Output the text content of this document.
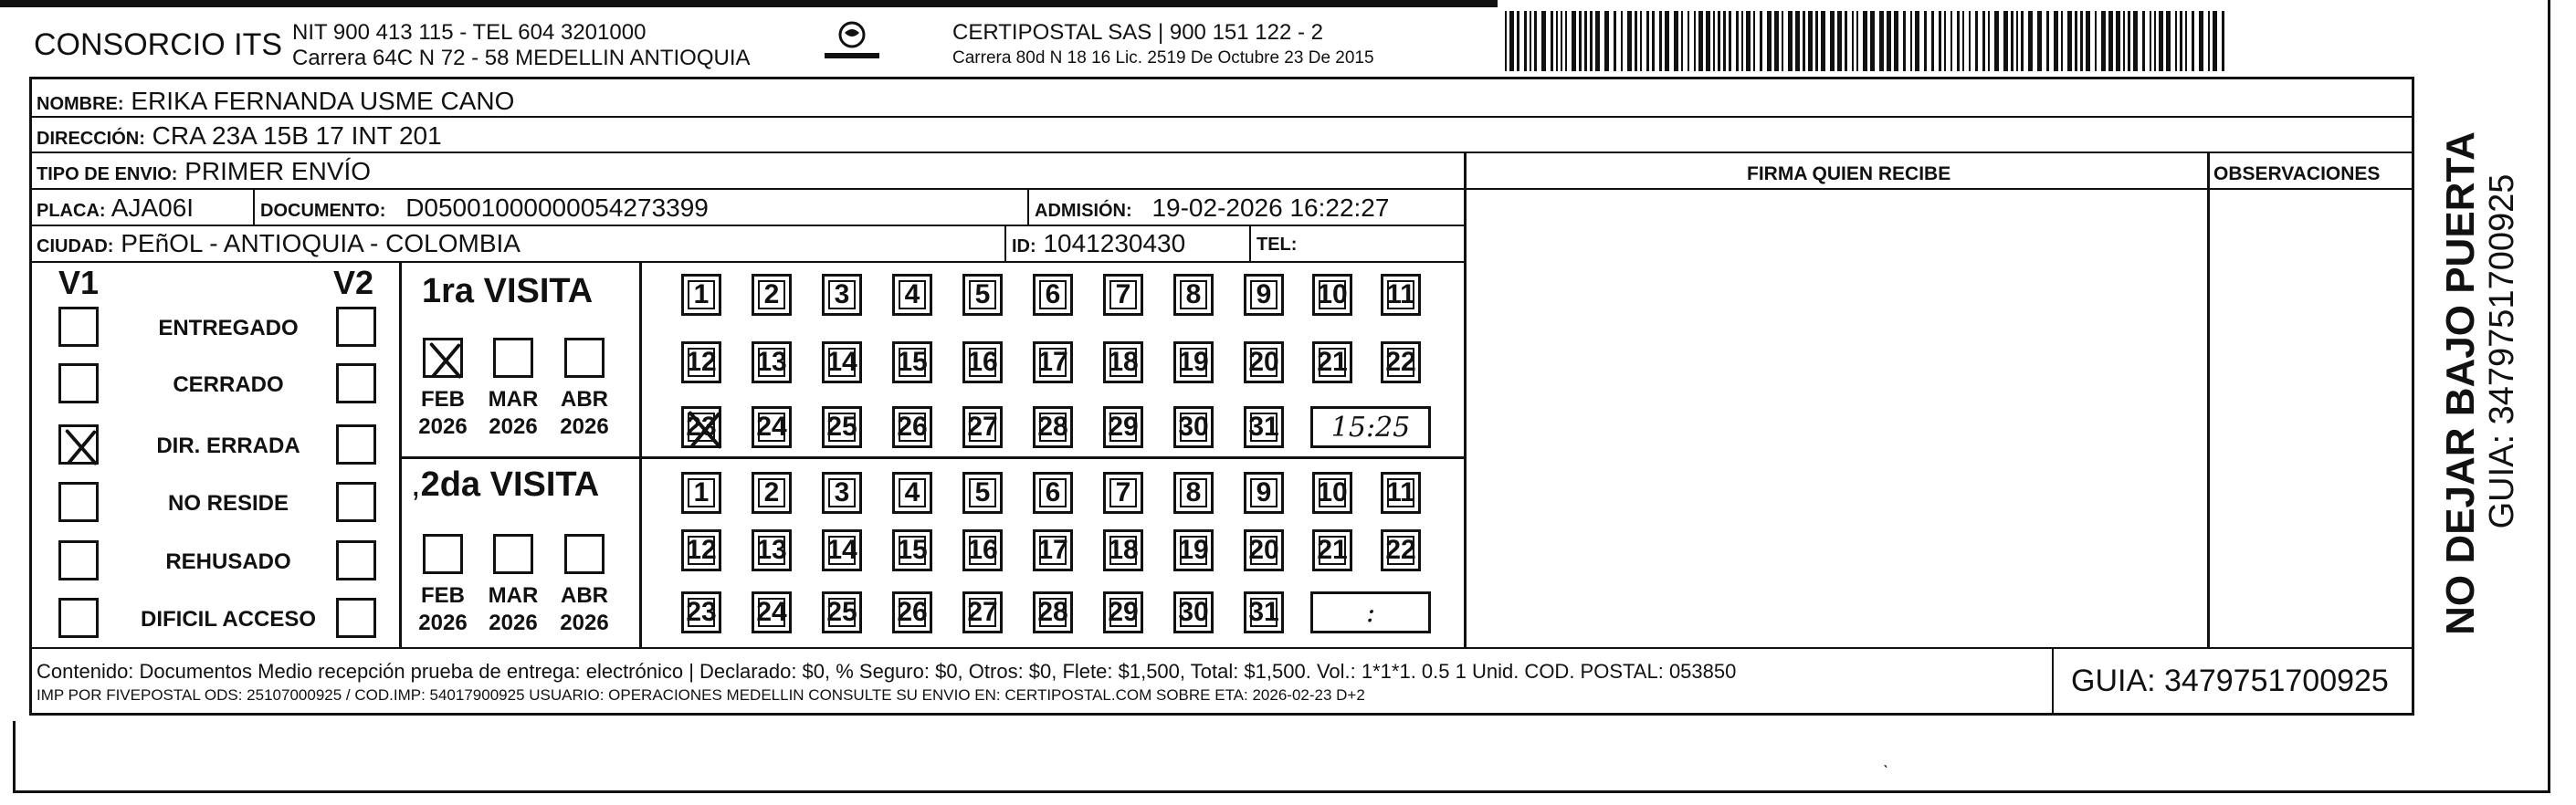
CONSORCIO ITS NIT 900 413 115 - TEL 604 3201000
Carrera 64C N 72 - 58 MEDELLIN ANTIOQUIA
CERTIPOSTAL SAS | 900 151 122 - 2
Carrera 80d N 18 16 Lic. 2519 De Octubre 23 De 2015
NOMBRE: ERIKA FERNANDA USME CANO
DIRECCIÓN: CRA 23A 15B 17 INT 201
TIPO DE ENVIO: PRIMER ENVÍO	FIRMA QUIEN RECIBE	OBSERVACIONES
PLACA: AJA06I	DOCUMENTO: D05001000000054273399	ADMISIÓN: 19-02-2026 16:22:27
CIUDAD: PEñOL - ANTIOQUIA - COLOMBIA	ID: 1041230430	TEL:
V1	V2
ENTREGADO
CERRADO
DIR. ERRADA
NO RESIDE
REHUSADO
DIFICIL ACCESO
1ra VISITA
FEB
2026
MAR
2026
ABR
2026
1 2 3 4 5 6 7 8 9 10 11
12 13 14 15 16 17 18 19 20 21 22
23 24 25 26 27 28 29 30 31 15:25
,2da VISITA
FEB
2026
MAR
2026
ABR
2026
1 2 3 4 5 6 7 8 9 10 11
12 13 14 15 16 17 18 19 20 21 22
23 24 25 26 27 28 29 30 31	:
Contenido: Documentos Medio recepción prueba de entrega: electrónico | Declarado: $0, % Seguro: $0, Otros: $0, Flete: $1,500, Total: $1,500. Vol.: 1*1*1. 0.5 1 Unid. COD. POSTAL: 053850
IMP POR FIVEPOSTAL ODS: 25107000925 / COD.IMP: 54017900925 USUARIO: OPERACIONES MEDELLIN CONSULTE SU ENVIO EN: CERTIPOSTAL.COM SOBRE ETA: 2026-02-23 D+2	GUIA: 3479751700925
NO DEJAR BAJO PUERTA GUIA: 3479751700925
ˎ
